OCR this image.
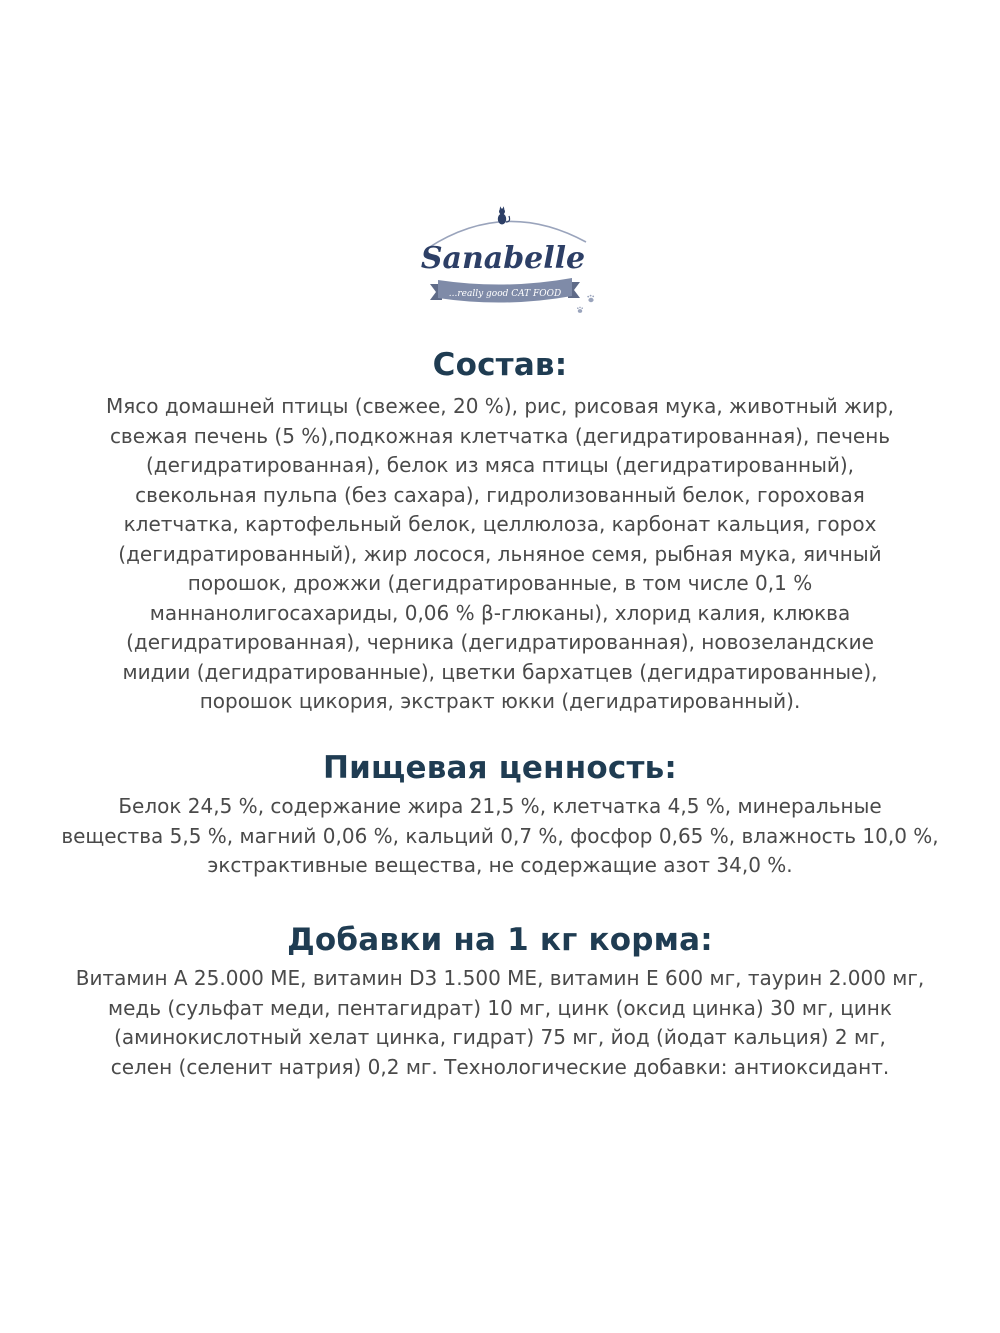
Sanabelle
...really good CAT FOOD
Состав:
Мясо домашней птицы (свежее, 20 %), рис, рисовая мука, животный жир,
свежая печень (5 %),подкожная клетчатка (дегидратированная), печень
(дегидратированная), белок из мяса птицы (дегидратированный),
свекольная пульпа (без сахара), гидролизованный белок, гороховая
клетчатка, картофельный белок, целлюлоза, карбонат кальция, горох
(дегидратированный), жир лосося, льняное семя, рыбная мука, яичный
порошок, дрожжи (дегидратированные, в том числе 0,1 %
маннанолигосахариды, 0,06 % β-глюканы), хлорид калия, клюква
(дегидратированная), черника (дегидратированная), новозеландские
мидии (дегидратированные), цветки бархатцев (дегидратированные),
порошок цикория, экстракт юкки (дегидратированный).
Пищевая ценность:
Белок 24,5 %, содержание жира 21,5 %, клетчатка 4,5 %, минеральные
вещества 5,5 %, магний 0,06 %, кальций 0,7 %, фосфор 0,65 %, влажность 10,0 %,
экстрактивные вещества, не содержащие азот 34,0 %.
Добавки на 1 кг корма:
Витамин А 25.000 МЕ, витамин D3 1.500 МЕ, витамин Е 600 мг, таурин 2.000 мг,
медь (сульфат меди, пентагидрат) 10 мг, цинк (оксид цинка) 30 мг, цинк
(аминокислотный хелат цинка, гидрат) 75 мг, йод (йодат кальция) 2 мг,
селен (селенит натрия) 0,2 мг. Технологические добавки: антиоксидант.
